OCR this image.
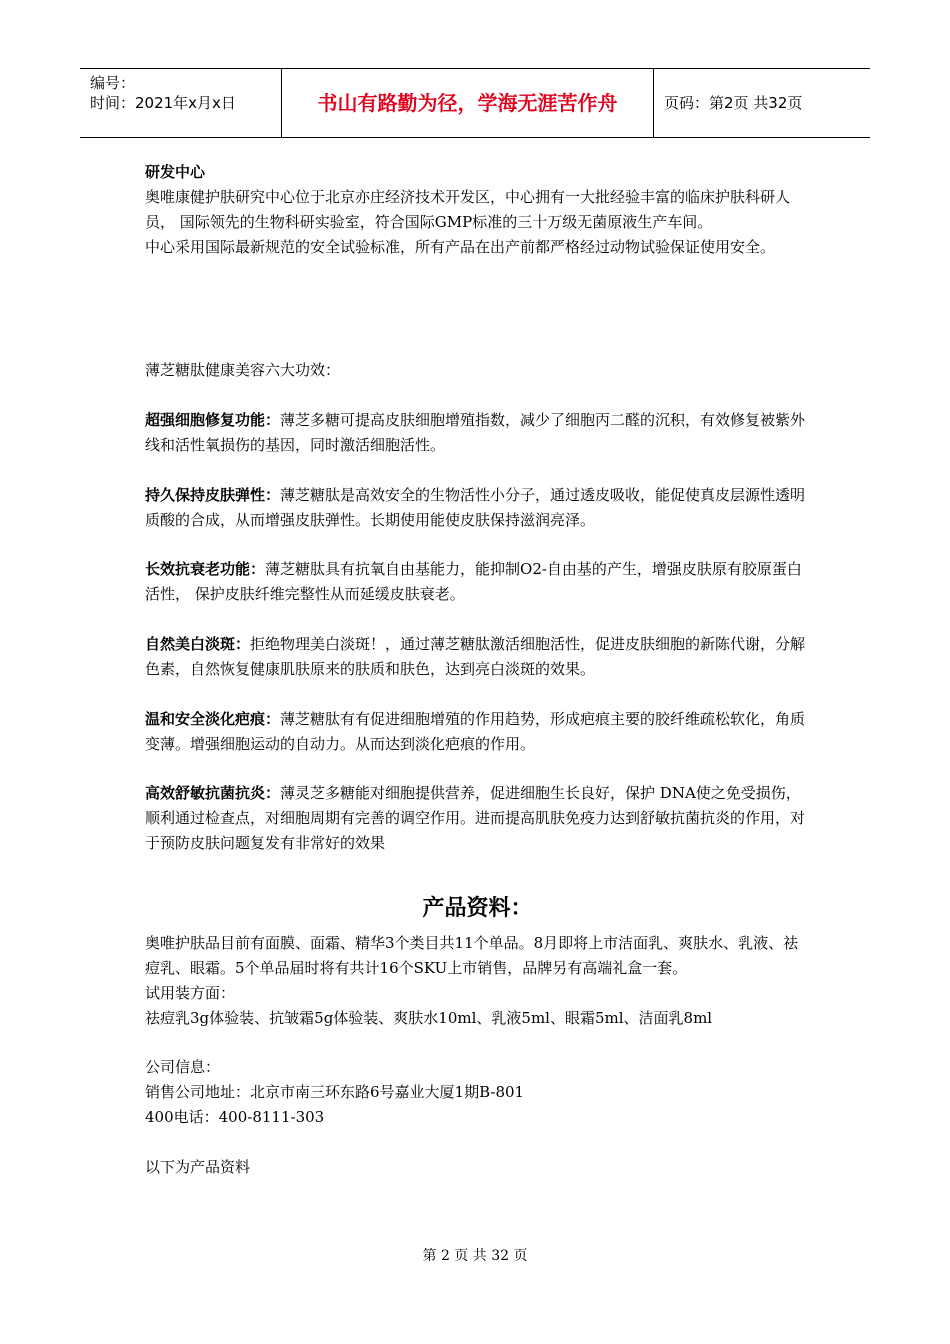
编号：
时间：2021年x月x日	书山有路勤为径，学海无涯苦作舟	页码：第2页 共32页

研发中心

奥唯康健护肤研究中心位于北京亦庄经济技术开发区，中心拥有一大批经验丰富的临床护肤科研人员， 国际领先的生物科研实验室，符合国际GMP标准的三十万级无菌原液生产车间。

中心采用国际最新规范的安全试验标准，所有产品在出产前都严格经过动物试验保证使用安全。

薄芝糖肽健康美容六大功效：
超强细胞修复功能：薄芝多糖可提高皮肤细胞增殖指数，减少了细胞丙二醛的沉积，有效修复被紫外线和活性氧损伤的基因，同时激活细胞活性。
持久保持皮肤弹性：薄芝糖肽是高效安全的生物活性小分子，通过透皮吸收，能促使真皮层源性透明质酸的合成，从而增强皮肤弹性。长期使用能使皮肤保持滋润亮泽。
长效抗衰老功能：薄芝糖肽具有抗氧自由基能力，能抑制O2-自由基的产生，增强皮肤原有胶原蛋白活性， 保护皮肤纤维完整性从而延缓皮肤衰老。
自然美白淡斑：拒绝物理美白淡斑！，通过薄芝糖肽激活细胞活性，促进皮肤细胞的新陈代谢，分解色素，自然恢复健康肌肤原来的肤质和肤色，达到亮白淡斑的效果。
温和安全淡化疤痕：薄芝糖肽有有促进细胞增殖的作用趋势，形成疤痕主要的胶纤维疏松软化，角质变薄。增强细胞运动的自动力。从而达到淡化疤痕的作用。
高效舒敏抗菌抗炎：薄灵芝多糖能对细胞提供营养，促进细胞生长良好，保护 DNA使之免受损伤，顺利通过检查点，对细胞周期有完善的调空作用。进而提高肌肤免疫力达到舒敏抗菌抗炎的作用，对于预防皮肤问题复发有非常好的效果
产品资料：

奥唯护肤品目前有面膜、面霜、精华3个类目共11个单品。8月即将上市洁面乳、爽肤水、乳液、祛痘乳、眼霜。5个单品届时将有共计16个SKU上市销售，品牌另有高端礼盒一套。

试用装方面：

祛痘乳3g体验装、抗皱霜5g体验装、爽肤水10ml、乳液5ml、眼霜5ml、洁面乳8ml

公司信息：

销售公司地址：北京市南三环东路6号嘉业大厦1期B-801

400电话：400-8111-303

以下为产品资料
第 2 页 共 32 页
